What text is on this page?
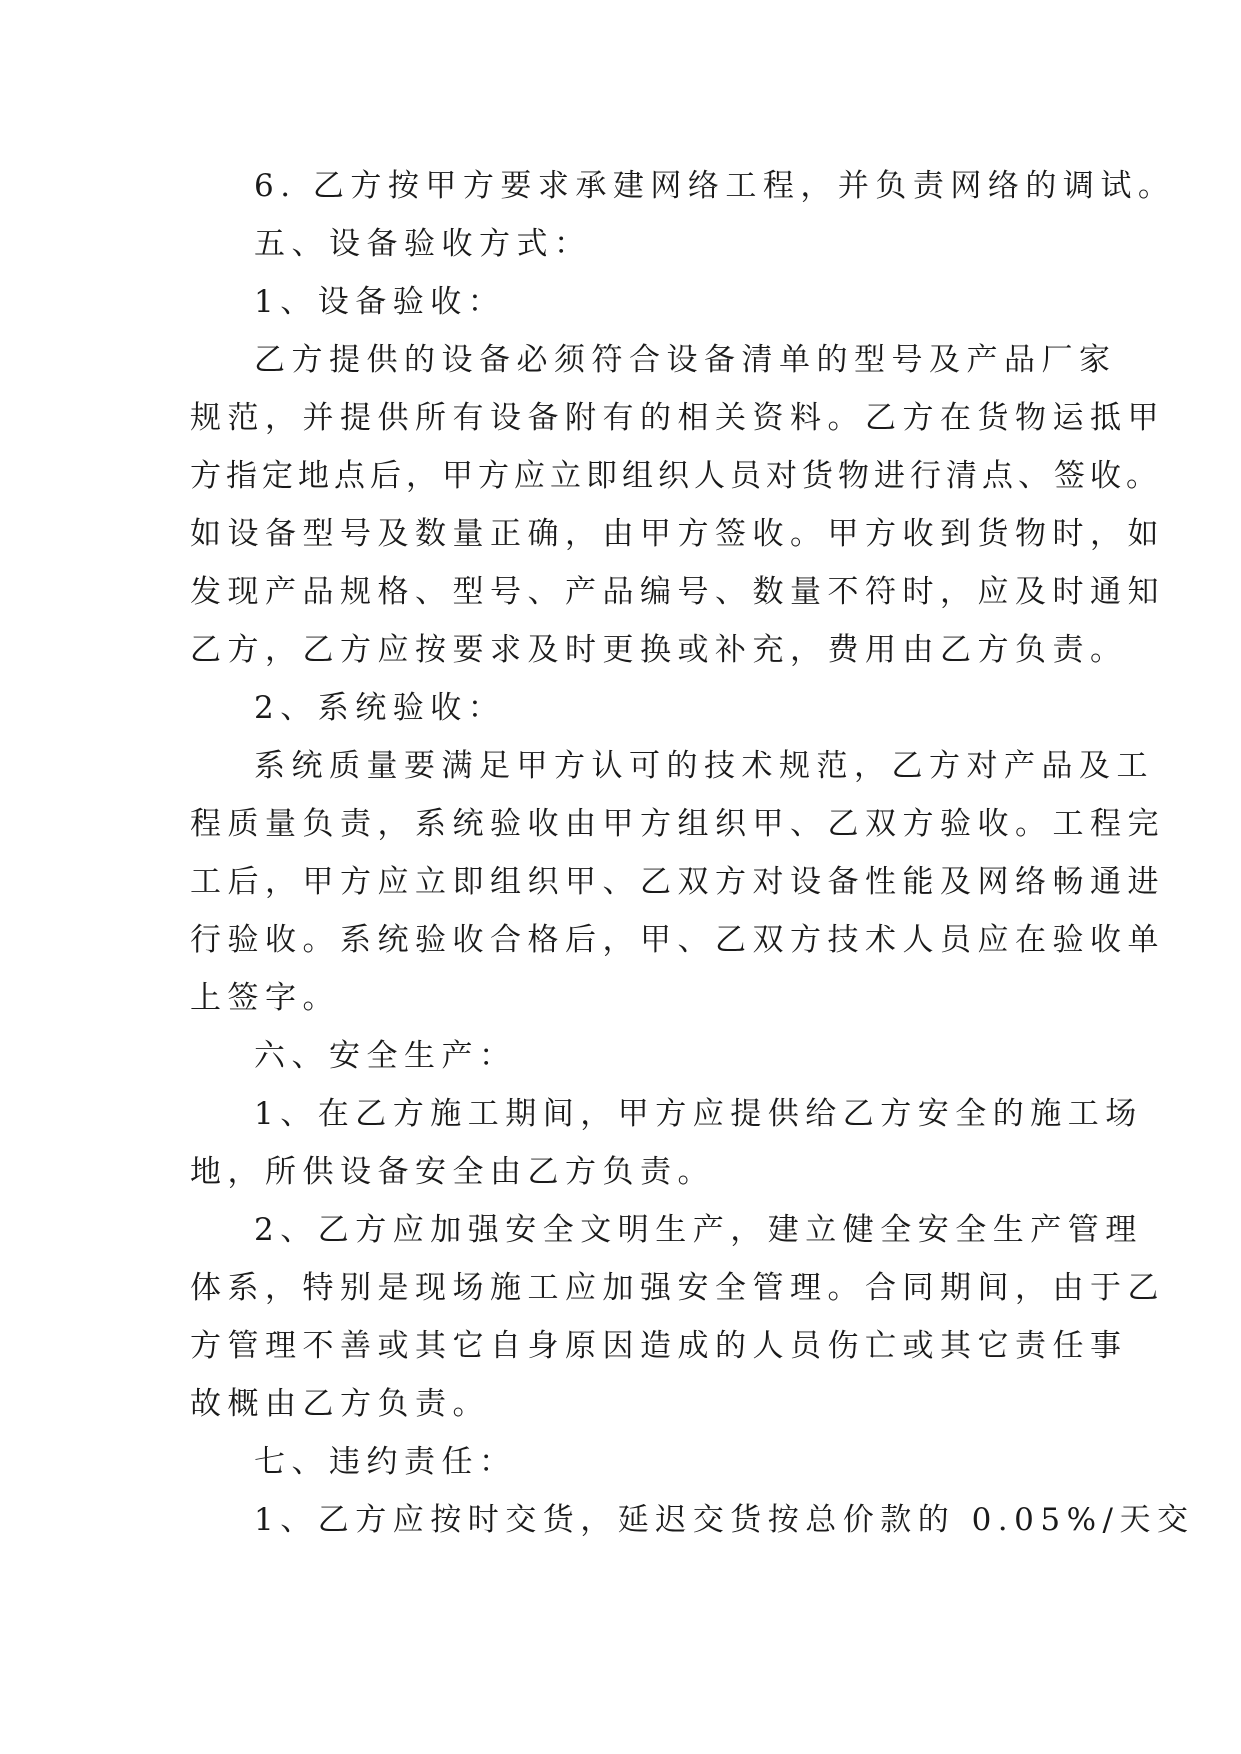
6. 乙方按甲方要求承建网络工程，并负责网络的调试。
五、设备验收方式：
1、设备验收：
乙方提供的设备必须符合设备清单的型号及产品厂家
规范，并提供所有设备附有的相关资料。乙方在货物运抵甲
方指定地点后，甲方应立即组织人员对货物进行清点、签收。
如设备型号及数量正确，由甲方签收。甲方收到货物时，如
发现产品规格、型号、产品编号、数量不符时，应及时通知
乙方，乙方应按要求及时更换或补充，费用由乙方负责。
2、系统验收：
系统质量要满足甲方认可的技术规范，乙方对产品及工
程质量负责，系统验收由甲方组织甲、乙双方验收。工程完
工后，甲方应立即组织甲、乙双方对设备性能及网络畅通进
行验收。系统验收合格后，甲、乙双方技术人员应在验收单
上签字。
六、安全生产：
1、在乙方施工期间，甲方应提供给乙方安全的施工场
地，所供设备安全由乙方负责。
2、乙方应加强安全文明生产，建立健全安全生产管理
体系，特别是现场施工应加强安全管理。合同期间，由于乙
方管理不善或其它自身原因造成的人员伤亡或其它责任事
故概由乙方负责。
七、违约责任：
1、乙方应按时交货，延迟交货按总价款的 0.05%/天交
